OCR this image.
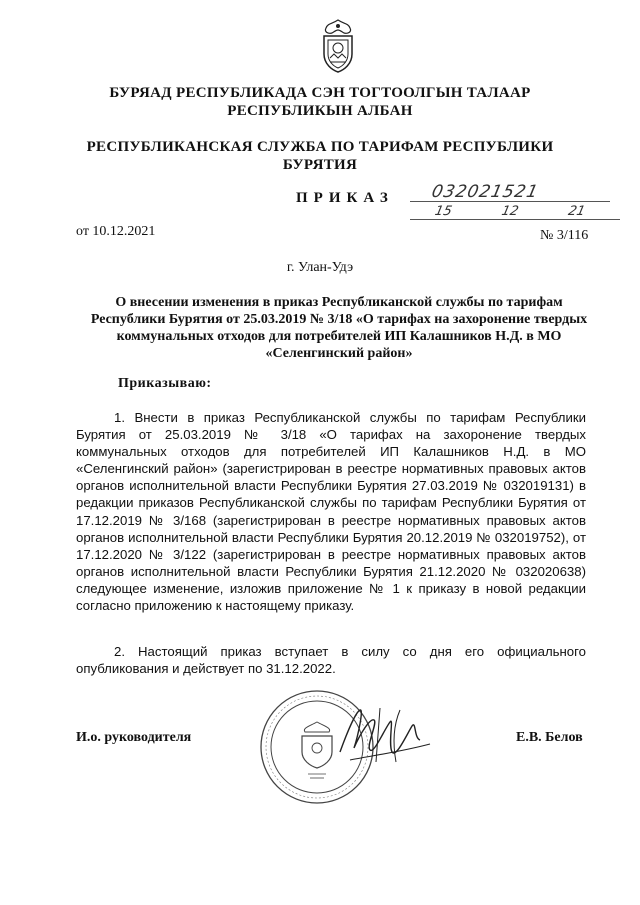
БУРЯАД РЕСПУБЛИКАДА СЭН ТОГТООЛГЫН ТАЛААР
РЕСПУБЛИКЫН АЛБАН
РЕСПУБЛИКАНСКАЯ СЛУЖБА ПО ТАРИФАМ РЕСПУБЛИКИ
БУРЯТИЯ
ПРИКАЗ 032021521
15	12	21
от 10.12.2021	№ 3/116
г. Улан-Удэ
О внесении изменения в приказ Республиканской службы по тарифам Республики Бурятия от 25.03.2019 № 3/18 «О тарифах на захоронение твердых коммунальных отходов для потребителей ИП Калашников Н.Д. в МО «Селенгинский район»
Приказываю:
1. Внести в приказ Республиканской службы по тарифам Республики Бурятия от 25.03.2019 № 3/18 «О тарифах на захоронение твердых коммунальных отходов для потребителей ИП Калашников Н.Д. в МО «Селенгинский район» (зарегистрирован в реестре нормативных правовых актов органов исполнительной власти Республики Бурятия 27.03.2019 № 032019131) в редакции приказов Республиканской службы по тарифам Республики Бурятия от 17.12.2019 № 3/168 (зарегистрирован в реестре нормативных правовых актов органов исполнительной власти Республики Бурятия 20.12.2019 № 032019752), от 17.12.2020 № 3/122 (зарегистрирован в реестре нормативных правовых актов органов исполнительной власти Республики Бурятия 21.12.2020 № 032020638) следующее изменение, изложив приложение № 1 к приказу в новой редакции согласно приложению к настоящему приказу.
2. Настоящий приказ вступает в силу со дня его официального опубликования и действует по 31.12.2022.
И.о. руководителя	Е.В. Белов
